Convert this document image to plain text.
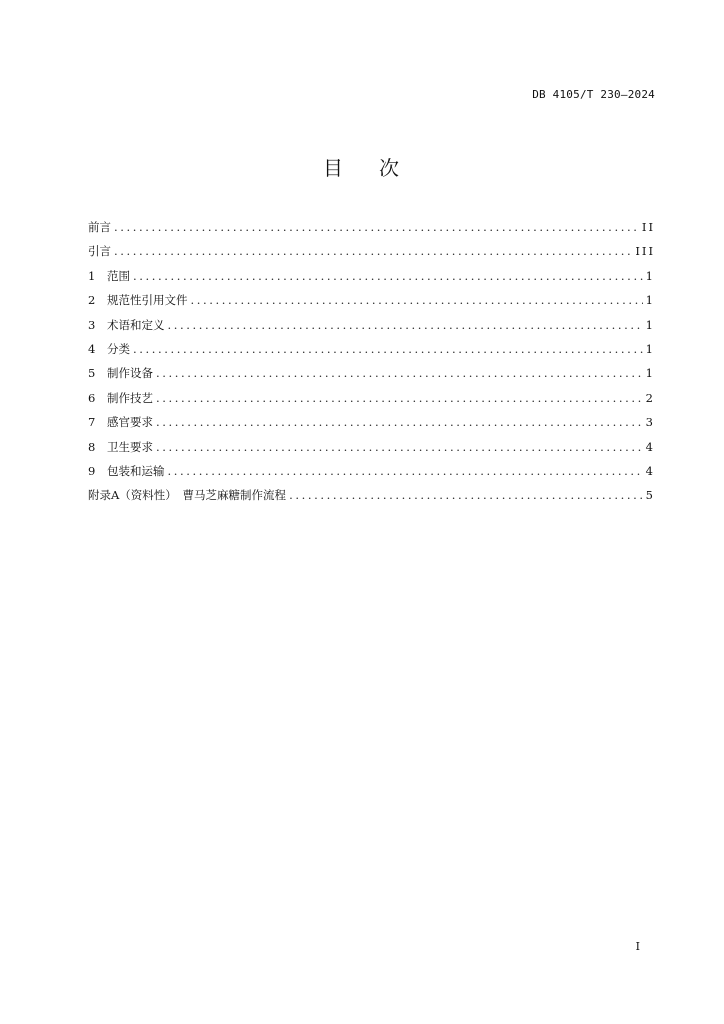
DB 4105/T 230—2024
目 次
前言 .....	II
引言 .....	III
1	范围 .....	1
2	规范性引用文件 .....	1
3	术语和定义 .....	1
4	分类 .....	1
5	制作设备 .....	1
6	制作技艺 .....	2
7	感官要求 .....	3
8	卫生要求 .....	4
9	包装和运输 .....	4
附录A（资料性）　曹马芝麻糖制作流程 .....	5
I
